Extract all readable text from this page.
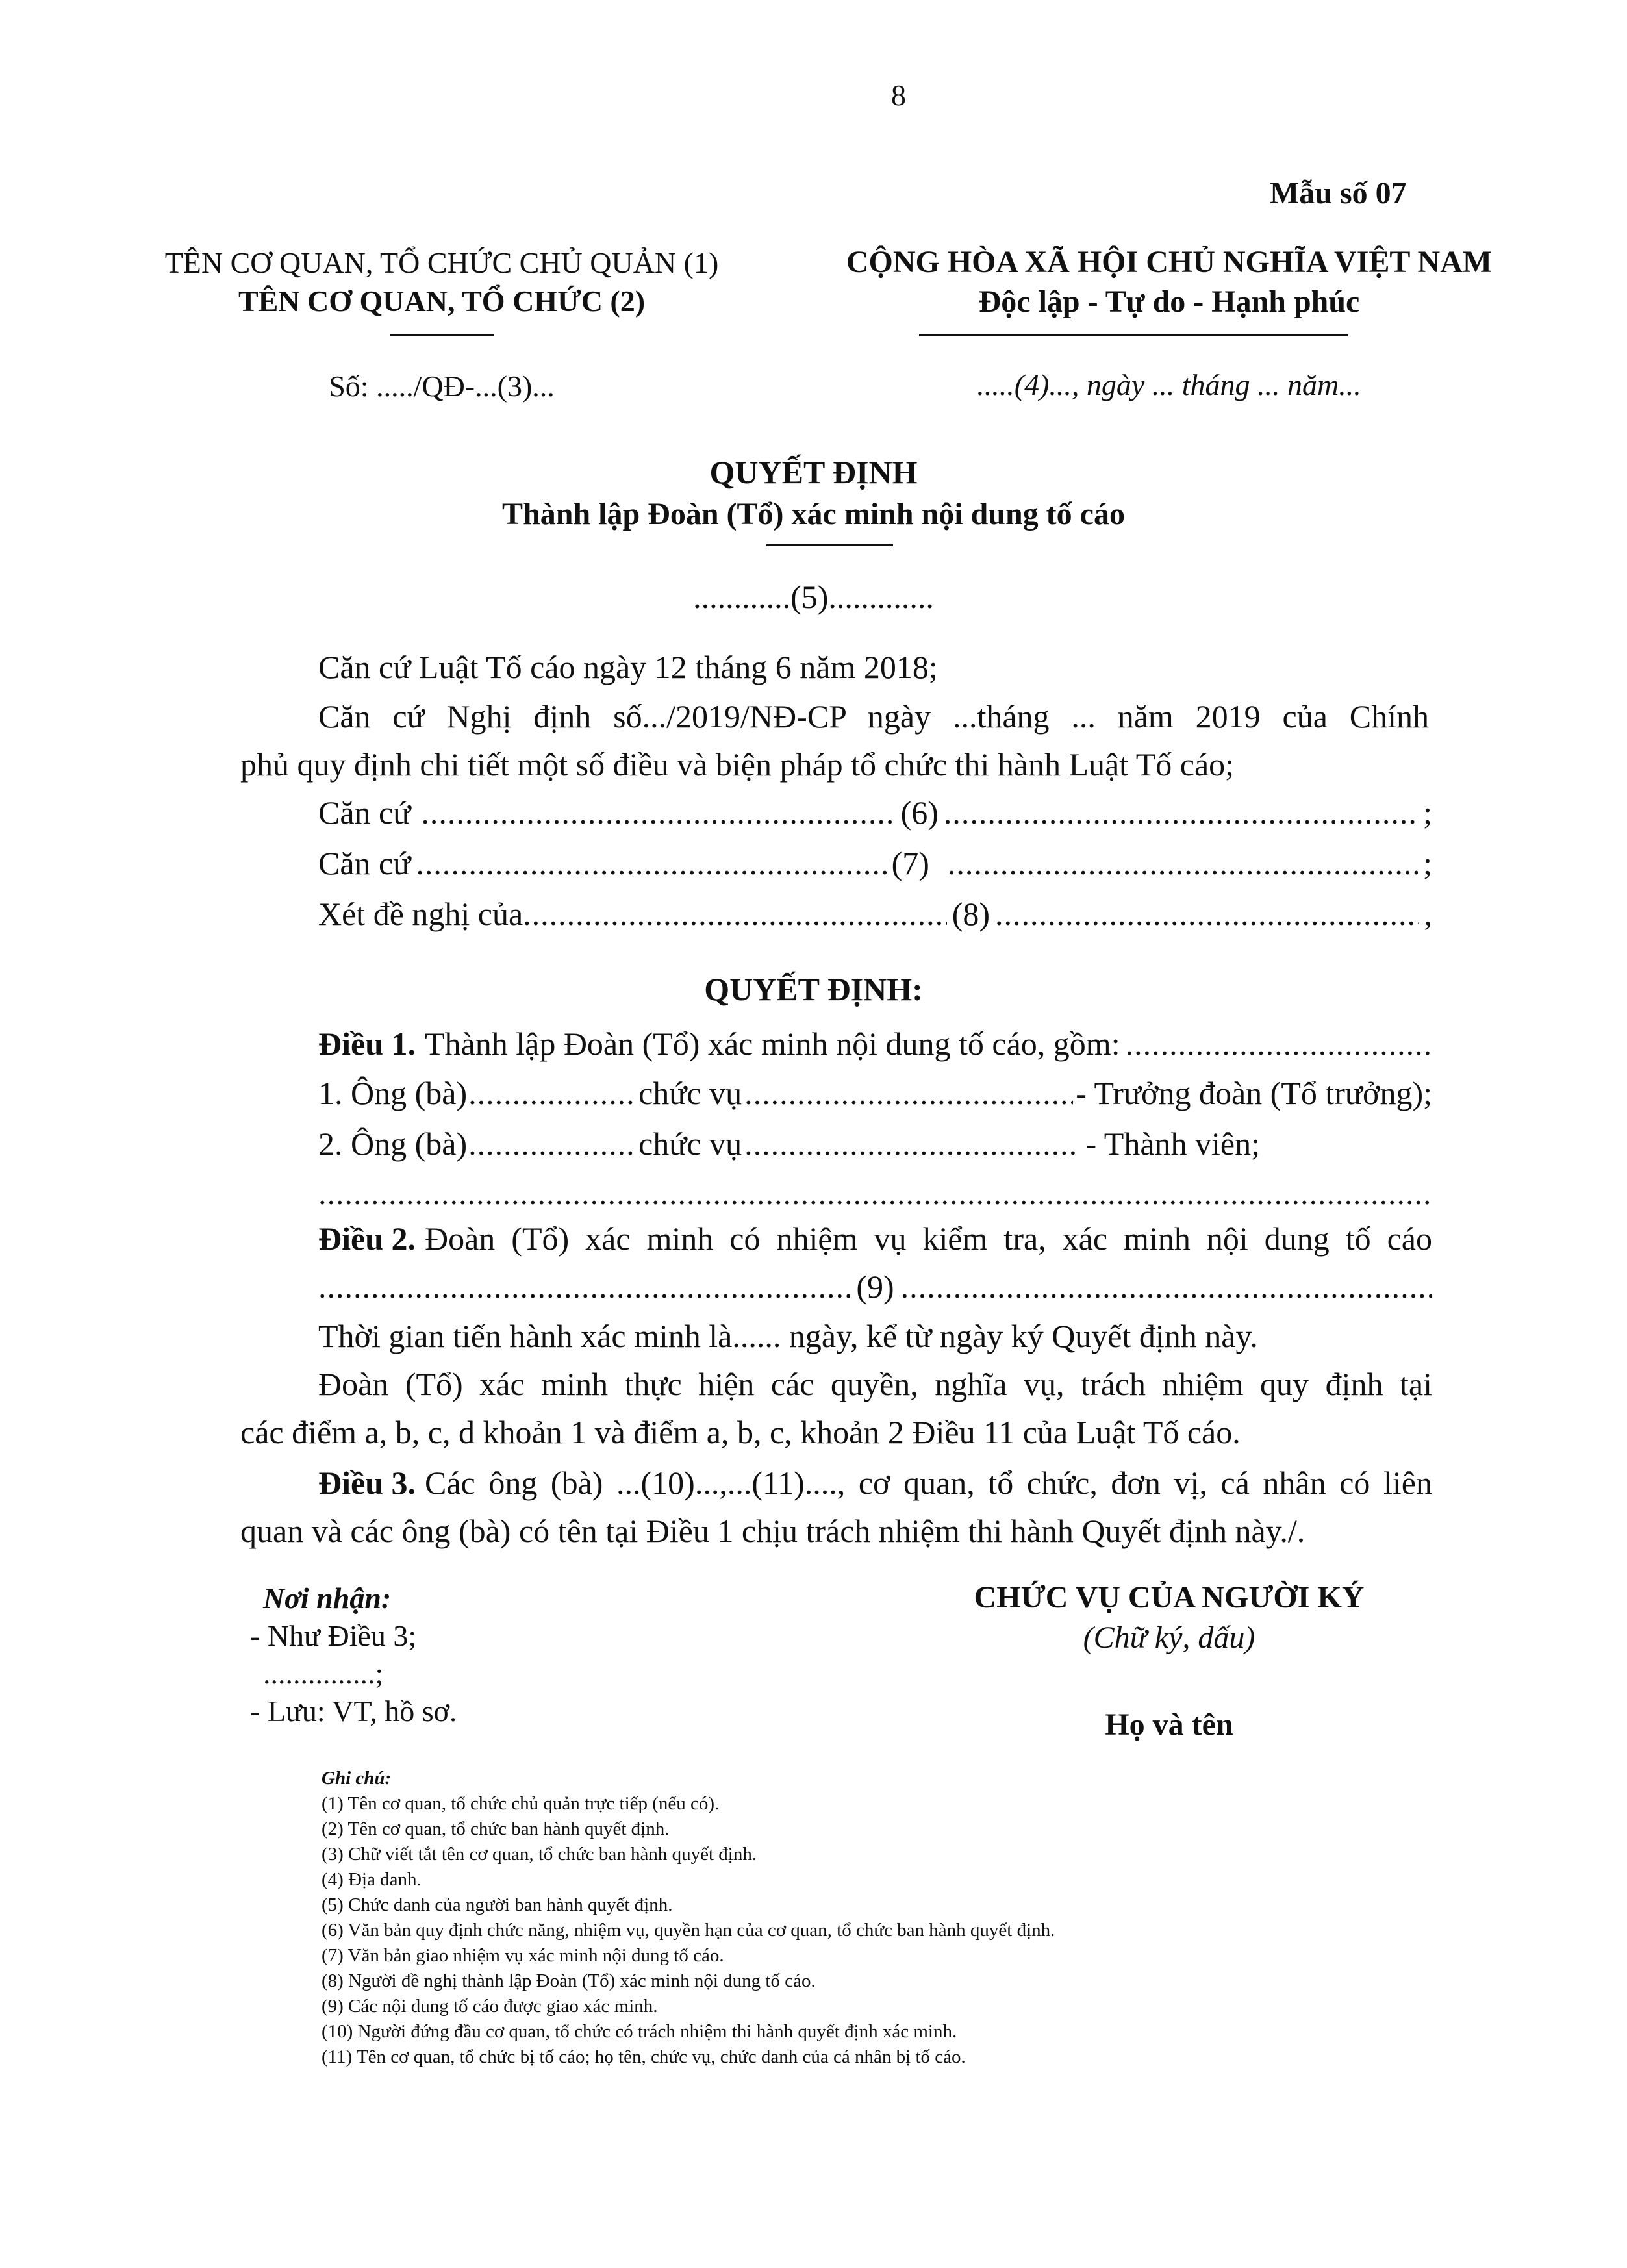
8
Mẫu số 07
TÊN CƠ QUAN, TỔ CHỨC CHỦ QUẢN (1)
TÊN CƠ QUAN, TỔ CHỨC (2)
Số: ...../QĐ-...(3)...
CỘNG HÒA XÃ HỘI CHỦ NGHĨA VIỆT NAM
Độc lập - Tự do - Hạnh phúc
.....(4)..., ngày ... tháng ... năm...
QUYẾT ĐỊNH
Thành lập Đoàn (Tổ) xác minh nội dung tố cáo
............(5).............
Căn cứ Luật Tố cáo ngày 12 tháng 6 năm 2018;
Căn cứ Nghị định số.../2019/NĐ-CP ngày ...tháng ... năm 2019 của Chính
phủ quy định chi tiết một số điều và biện pháp tổ chức thi hành Luật Tố cáo;
Căn cứ .....	(6) .....	;
Căn cứ .....	(7) .....	;
Xét đề nghị của .....	(8) .....	,
QUYẾT ĐỊNH:
Điều 1. Thành lập Đoàn (Tổ) xác minh nội dung tố cáo, gồm:
.....
1. Ông (bà) .....	chức vụ .....	- Trưởng đoàn (Tổ trưởng);
2. Ông (bà) .....	chức vụ .....	- Thành viên;
.....
Điều 2. Đoàn (Tổ) xác minh có nhiệm vụ kiểm tra, xác minh nội dung tố cáo
.....
(9)
.....
Thời gian tiến hành xác minh là...... ngày, kể từ ngày ký Quyết định này.
Đoàn (Tổ) xác minh thực hiện các quyền, nghĩa vụ, trách nhiệm quy định tại
các điểm a, b, c, d khoản 1 và điểm a, b, c, khoản 2 Điều 11 của Luật Tố cáo.
Điều 3. Các ông (bà) ...(10)...,...(11)...., cơ quan, tổ chức, đơn vị, cá nhân có liên
quan và các ông (bà) có tên tại Điều 1 chịu trách nhiệm thi hành Quyết định này./.
Nơi nhận:
- Như Điều 3;
...............;
- Lưu: VT, hồ sơ.
CHỨC VỤ CỦA NGƯỜI KÝ
(Chữ ký, dấu)
Họ và tên
Ghi chú:
(1) Tên cơ quan, tổ chức chủ quản trực tiếp (nếu có).
(2) Tên cơ quan, tổ chức ban hành quyết định.
(3) Chữ viết tắt tên cơ quan, tổ chức ban hành quyết định.
(4) Địa danh.
(5) Chức danh của người ban hành quyết định.
(6) Văn bản quy định chức năng, nhiệm vụ, quyền hạn của cơ quan, tổ chức ban hành quyết định.
(7) Văn bản giao nhiệm vụ xác minh nội dung tố cáo.
(8) Người đề nghị thành lập Đoàn (Tổ) xác minh nội dung tố cáo.
(9) Các nội dung tố cáo được giao xác minh.
(10) Người đứng đầu cơ quan, tổ chức có trách nhiệm thi hành quyết định xác minh.
(11) Tên cơ quan, tổ chức bị tố cáo; họ tên, chức vụ, chức danh của cá nhân bị tố cáo.
